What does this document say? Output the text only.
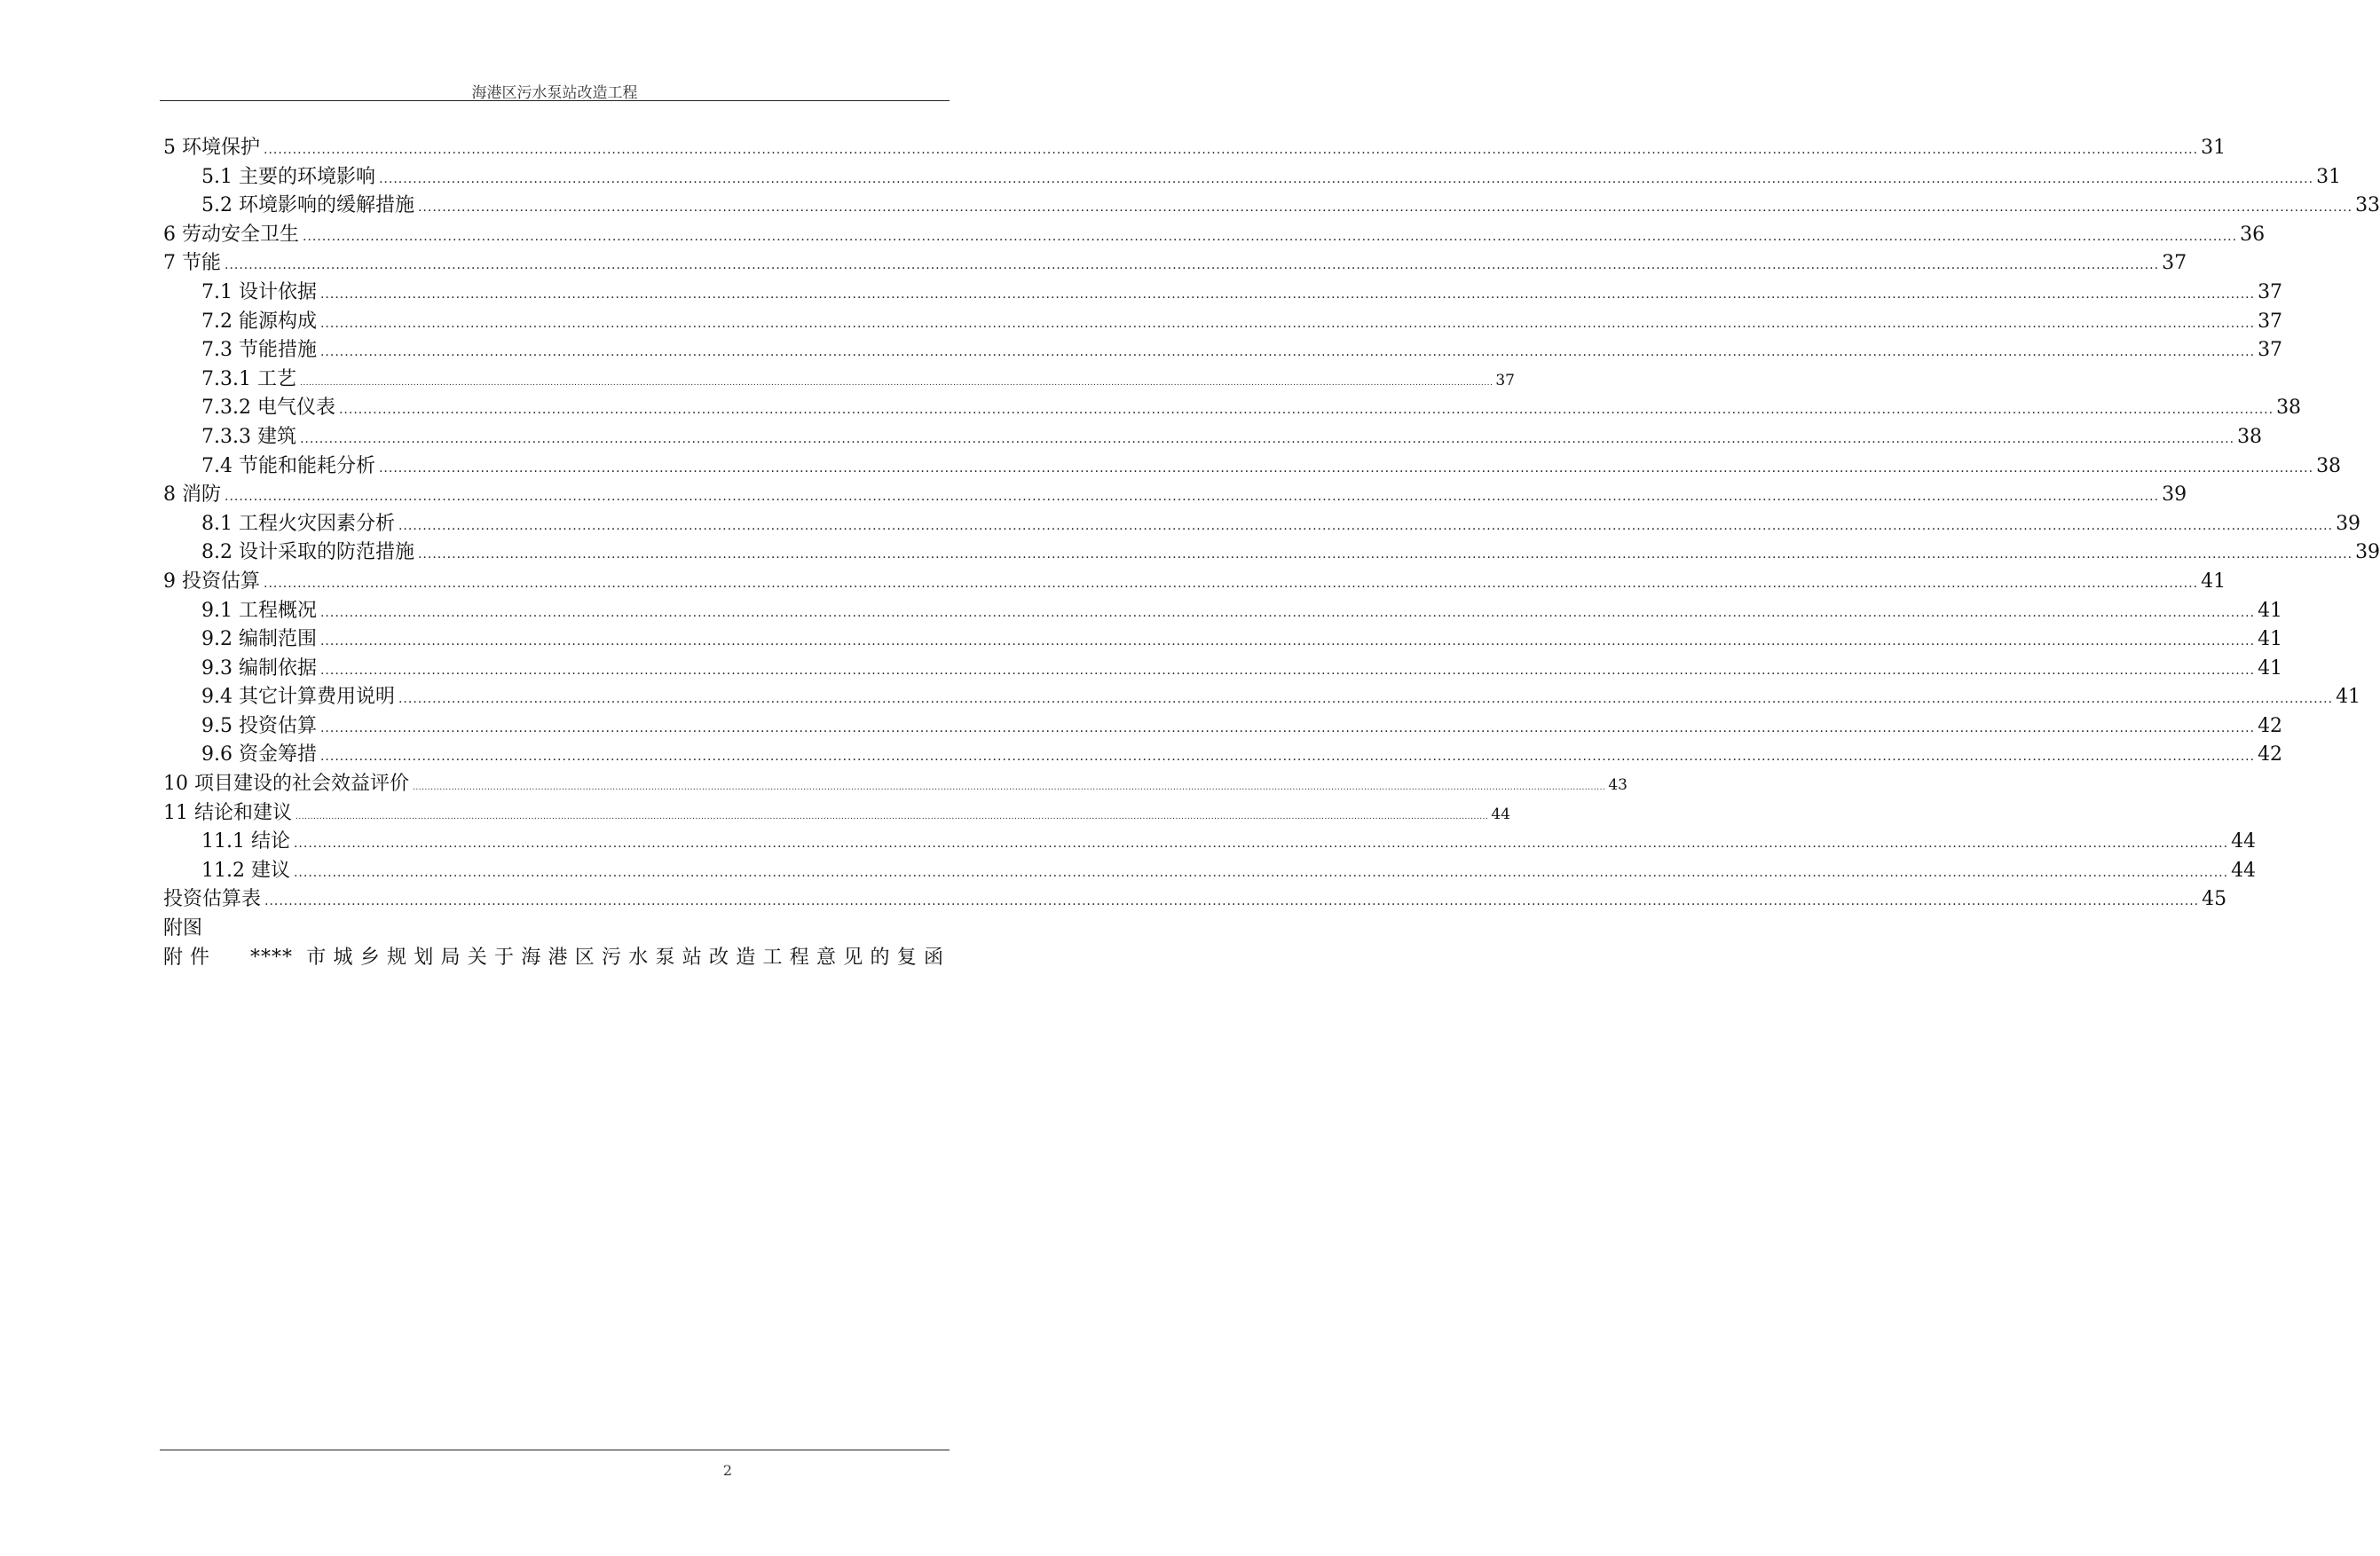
海港区污水泵站改造工程
5 环境保护 ................................................................................................................................................................................................................................................................................................................................................................................................................ 31
5.1 主要的环境影响 ................................................................................................................................................................................................................................................................................................................................................................................................................ 31
5.2 环境影响的缓解措施 ................................................................................................................................................................................................................................................................................................................................................................................................................ 33
6 劳动安全卫生 ................................................................................................................................................................................................................................................................................................................................................................................................................ 36
7 节能 ................................................................................................................................................................................................................................................................................................................................................................................................................ 37
7.1 设计依据 ................................................................................................................................................................................................................................................................................................................................................................................................................ 37
7.2 能源构成 ................................................................................................................................................................................................................................................................................................................................................................................................................ 37
7.3 节能措施 ................................................................................................................................................................................................................................................................................................................................................................................................................ 37
7.3.1 工艺 ................................................................................................................................................................................................................................................................................................................................................................................................................ 37
7.3.2 电气仪表 ................................................................................................................................................................................................................................................................................................................................................................................................................ 38
7.3.3 建筑 ................................................................................................................................................................................................................................................................................................................................................................................................................ 38
7.4 节能和能耗分析 ................................................................................................................................................................................................................................................................................................................................................................................................................ 38
8 消防 ................................................................................................................................................................................................................................................................................................................................................................................................................ 39
8.1 工程火灾因素分析 ................................................................................................................................................................................................................................................................................................................................................................................................................ 39
8.2 设计采取的防范措施 ................................................................................................................................................................................................................................................................................................................................................................................................................ 39
9 投资估算 ................................................................................................................................................................................................................................................................................................................................................................................................................ 41
9.1 工程概况 ................................................................................................................................................................................................................................................................................................................................................................................................................ 41
9.2 编制范围 ................................................................................................................................................................................................................................................................................................................................................................................................................ 41
9.3 编制依据 ................................................................................................................................................................................................................................................................................................................................................................................................................ 41
9.4 其它计算费用说明 ................................................................................................................................................................................................................................................................................................................................................................................................................ 41
9.5 投资估算 ................................................................................................................................................................................................................................................................................................................................................................................................................ 42
9.6 资金筹措 ................................................................................................................................................................................................................................................................................................................................................................................................................ 42
10 项目建设的社会效益评价 ................................................................................................................................................................................................................................................................................................................................................................................................................ 43
11 结论和建议 ................................................................................................................................................................................................................................................................................................................................................................................................................ 44
11.1 结论 ................................................................................................................................................................................................................................................................................................................................................................................................................ 44
11.2 建议 ................................................................................................................................................................................................................................................................................................................................................................................................................ 44
投资估算表 ................................................................................................................................................................................................................................................................................................................................................................................................................ 45
附图
附件 **** 市城乡规划局关于海港区污水泵站改造工程意见的复函
2
